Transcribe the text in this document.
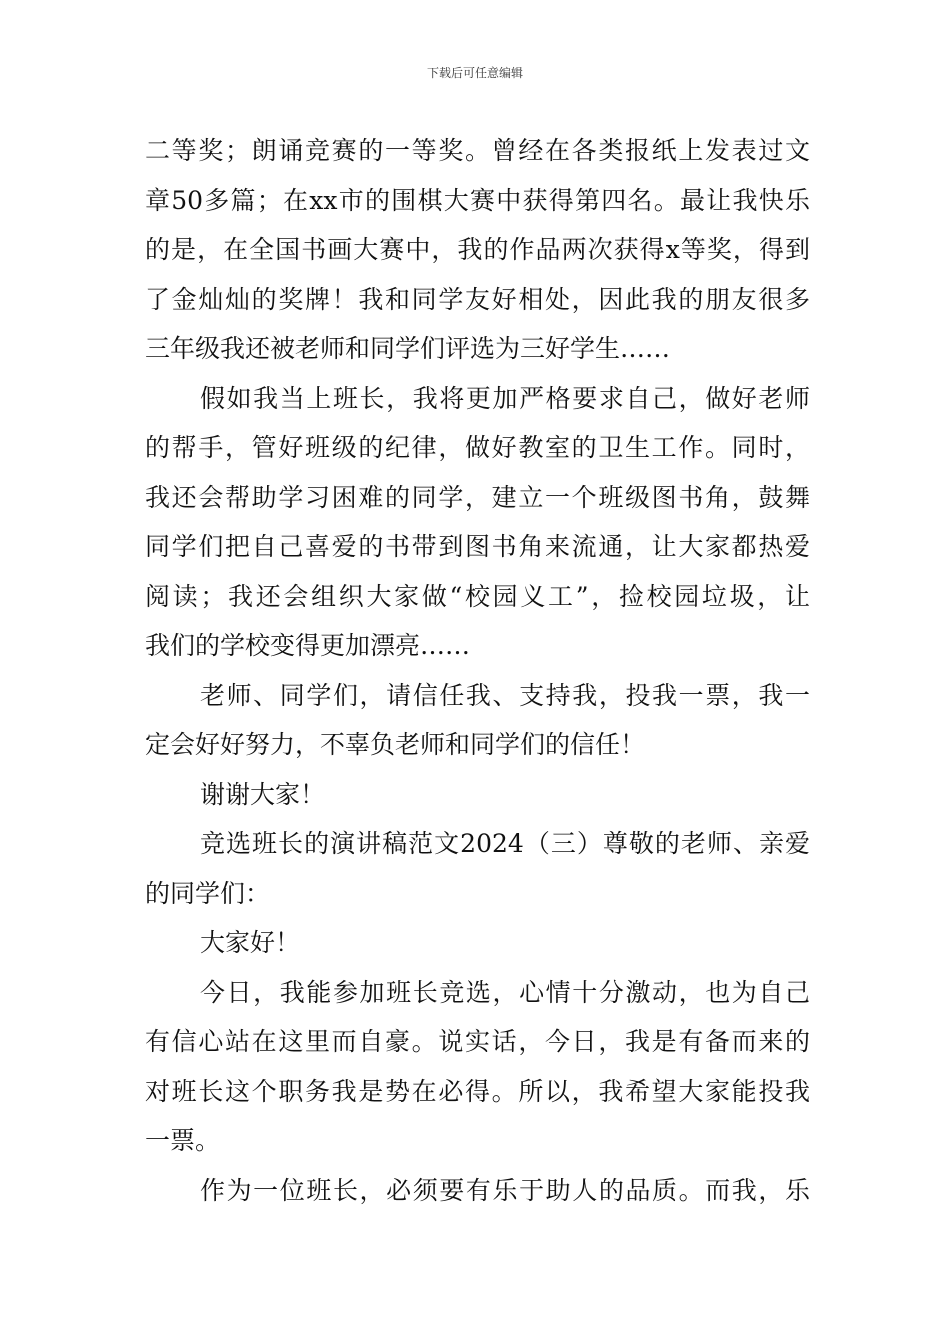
下载后可任意编辑
二等奖；朗诵竞赛的一等奖。曾经在各类报纸上发表过文
章50多篇；在xx市的围棋大赛中获得第四名。最让我快乐
的是，在全国书画大赛中，我的作品两次获得x等奖，得到
了金灿灿的奖牌！我和同学友好相处，因此我的朋友很多
三年级我还被老师和同学们评选为三好学生……
假如我当上班长，我将更加严格要求自己，做好老师
的帮手，管好班级的纪律，做好教室的卫生工作。同时，
我还会帮助学习困难的同学，建立一个班级图书角，鼓舞
同学们把自己喜爱的书带到图书角来流通，让大家都热爱
阅读；我还会组织大家做“校园义工”，捡校园垃圾，让
我们的学校变得更加漂亮……
老师、同学们，请信任我、支持我，投我一票，我一
定会好好努力，不辜负老师和同学们的信任！
谢谢大家！
竞选班长的演讲稿范文2024（三）尊敬的老师、亲爱
的同学们：
大家好！
今日，我能参加班长竞选，心情十分激动，也为自己
有信心站在这里而自豪。说实话，今日，我是有备而来的
对班长这个职务我是势在必得。所以，我希望大家能投我
一票。
作为一位班长，必须要有乐于助人的品质。而我，乐
